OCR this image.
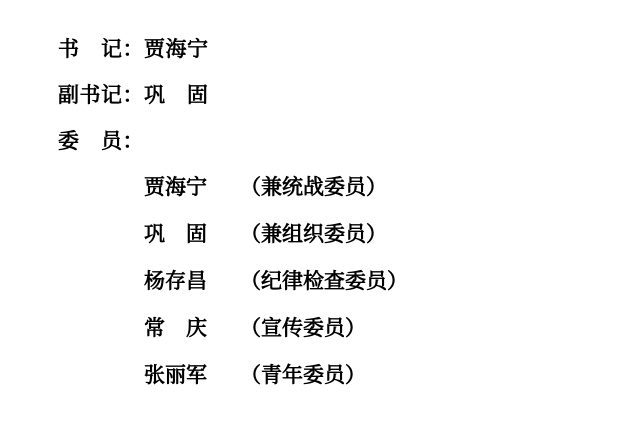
书　记： 贾海宁
副书记： 巩　固
委　员：
贾海宁	（兼统战委员）
巩　固	（兼组织委员）
杨存昌	（纪律检查委员）
常　庆	（宣传委员）
张丽军	（青年委员）
